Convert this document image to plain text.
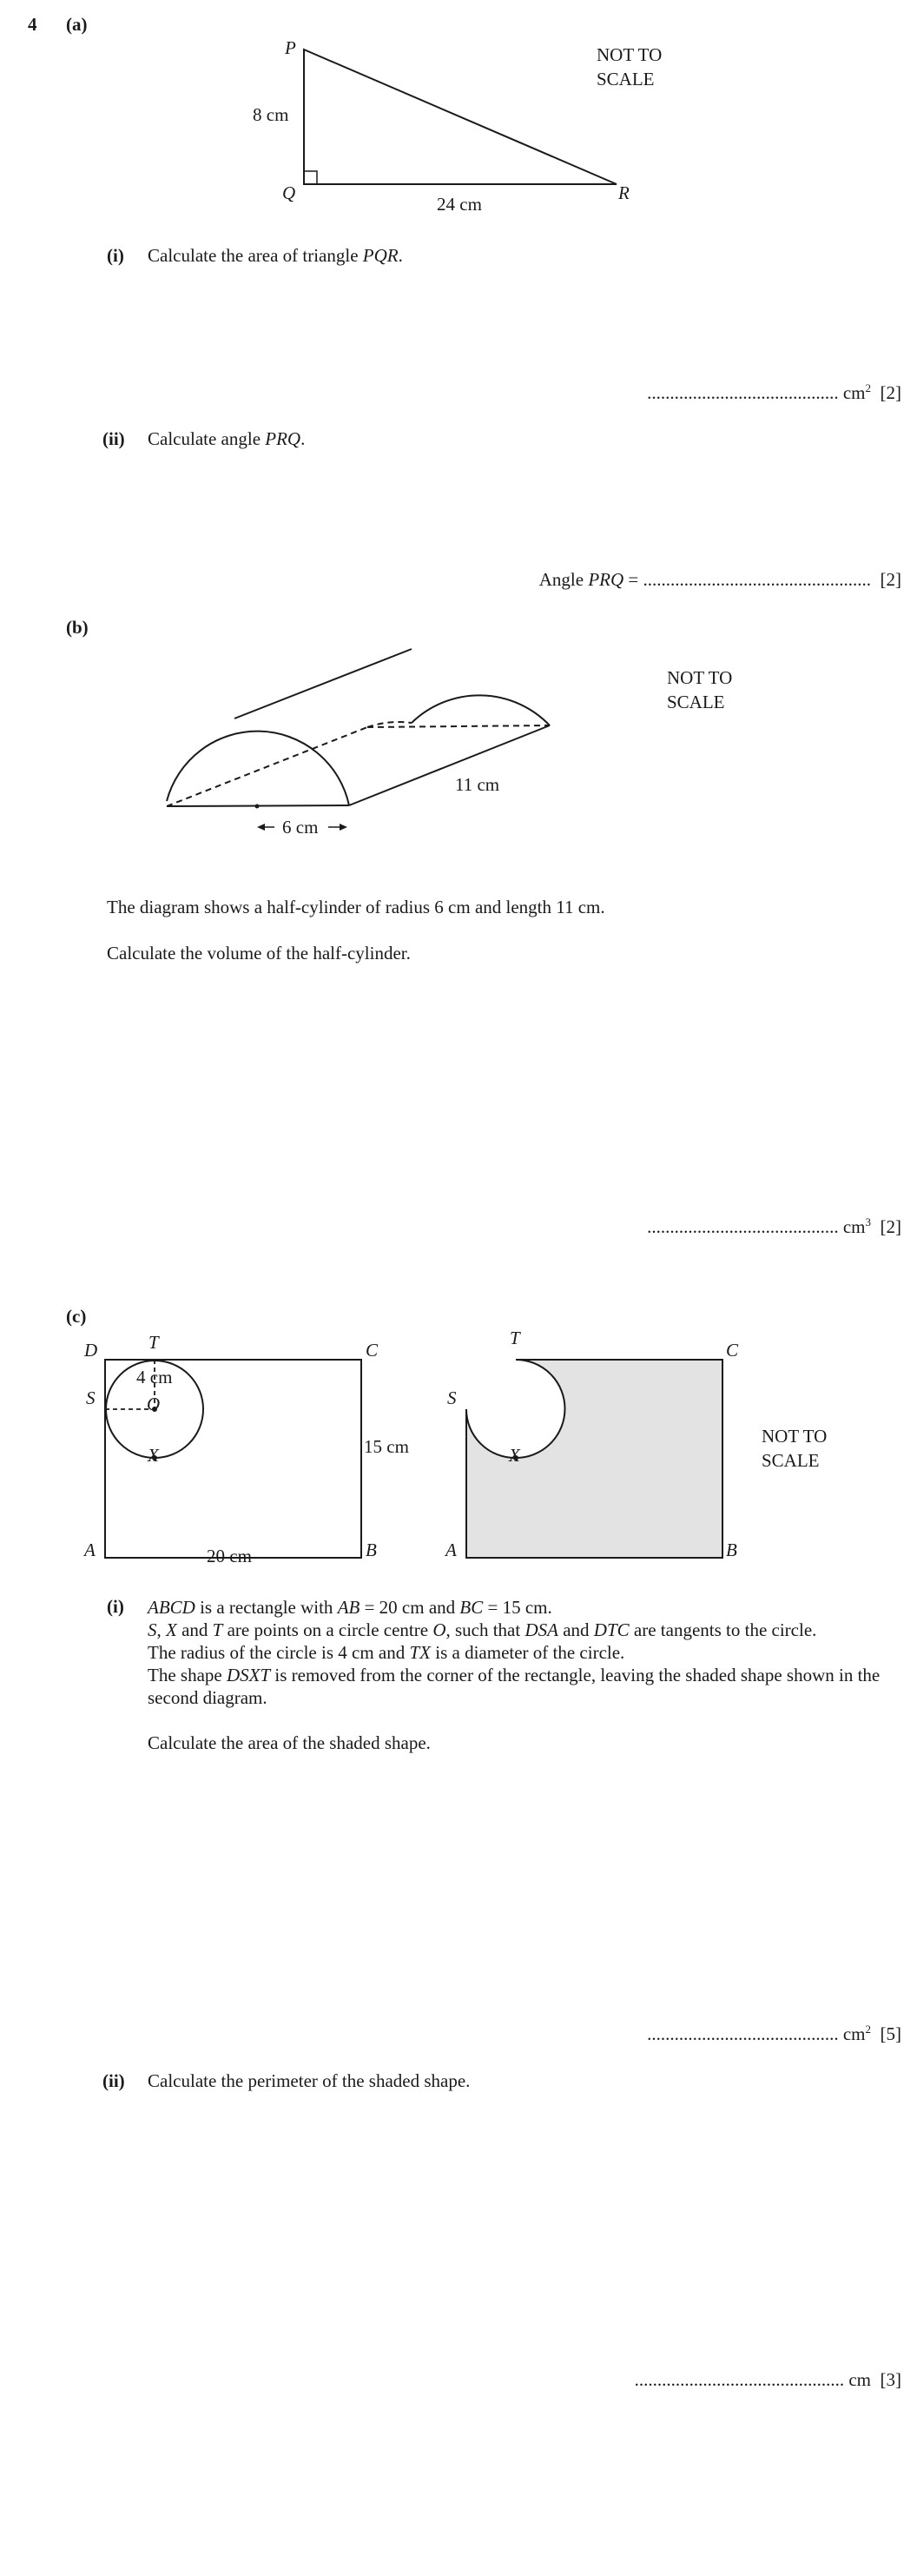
4 (a)
P
Q	R
8 cm
24 cm
NOT TO
SCALE
(i) Calculate the area of triangle PQR.
.......................................... $cm^2$ [2]
(ii) Calculate angle PRQ.
Angle PRQ = .................................................. [2]
(b)
6 cm
11 cm
NOT TO
SCALE
The diagram shows a half-cylinder of radius 6 cm and length 11 cm.
Calculate the volume of the half-cylinder.
.......................................... $cm^3$ [2]
(c)
D	T	C
S
4 cm
O
X	15 cm
A	20 cm	B
T
C
S
X
A	B
NOT TO
SCALE
(i) ABCD is a rectangle with AB = 20 cm and BC = 15 cm.

S, X and T are points on a circle centre O, such that DSA and DTC are tangents to the circle.

The radius of the circle is 4 cm and TX is a diameter of the circle.

The shape DSXT is removed from the corner of the rectangle, leaving the shaded shape shown in the second diagram.

Calculate the area of the shaded shape.

.......................................... $cm^2$ [5]
(ii) Calculate the perimeter of the shaded shape.
.............................................. cm [3]
